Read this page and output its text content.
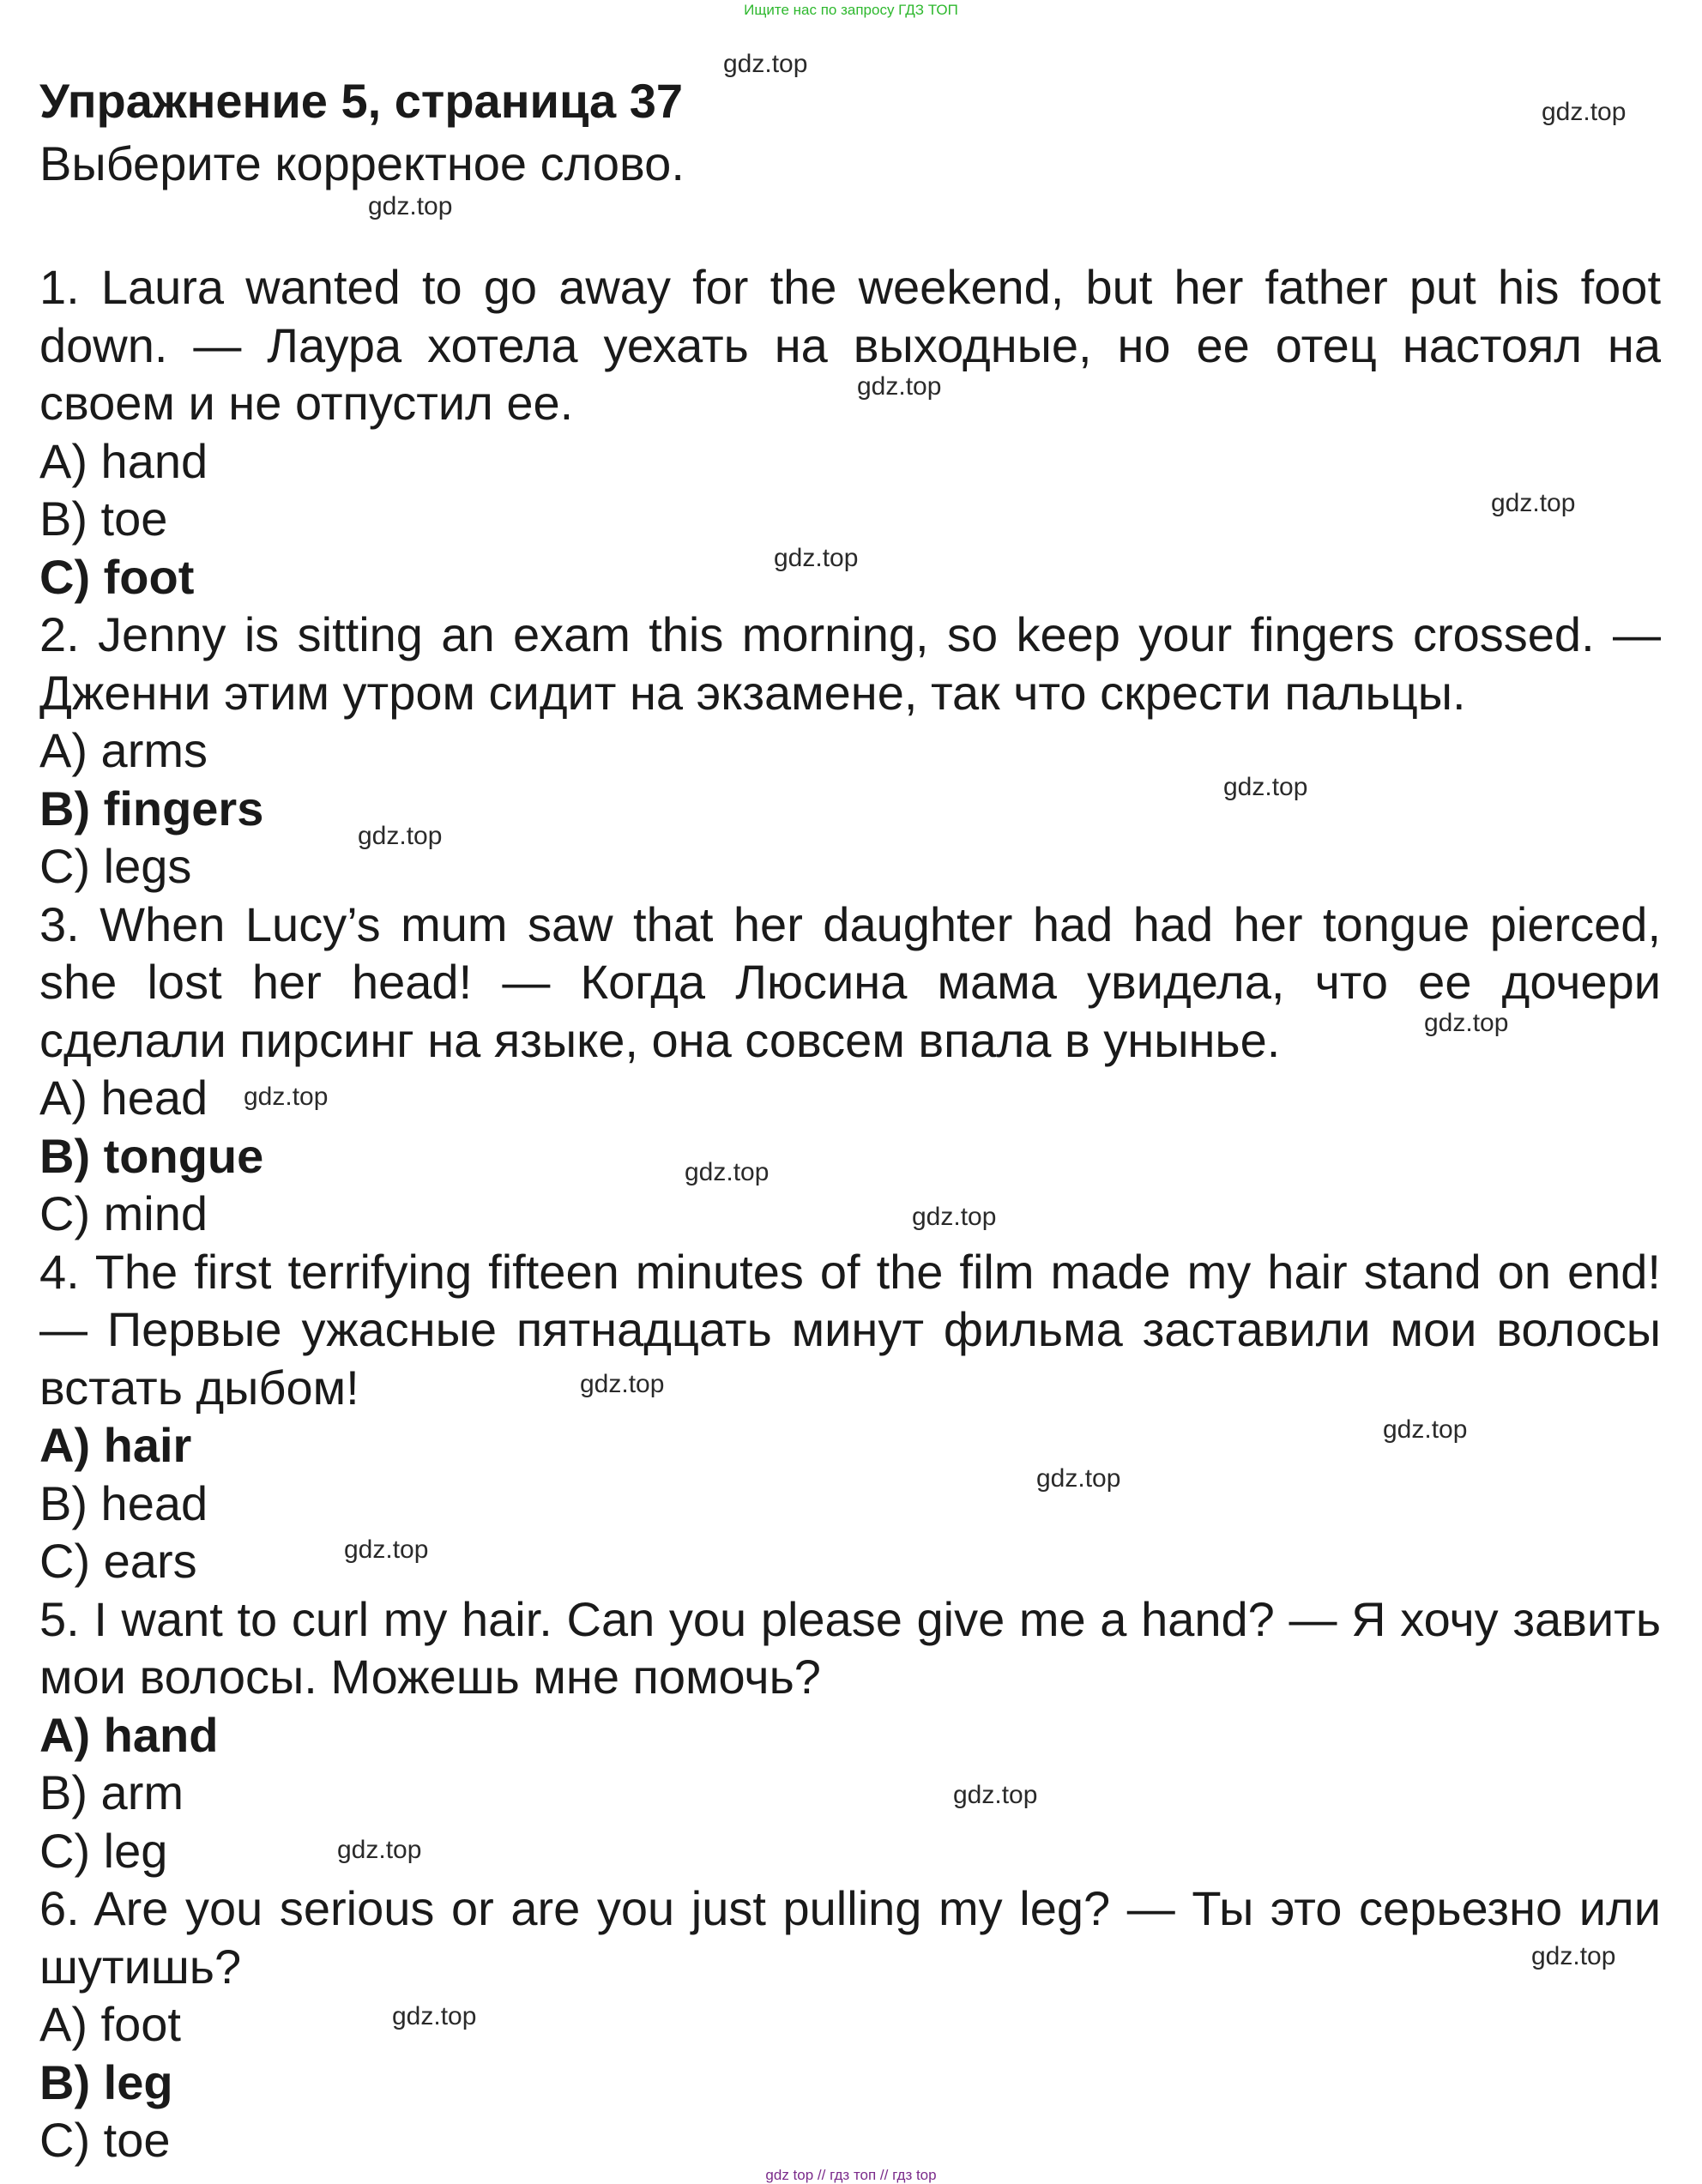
Ищите нас по запросу ГДЗ ТОП
Упражнение 5, страница 37

Выберите корректное слово.

1. Laura wanted to go away for the weekend, but her father put his foot down. — Лаура хотела уехать на выходные, но ее отец настоял на своем и не отпустил ее.

A) hand
B) toe
C) foot

2. Jenny is sitting an exam this morning, so keep your fingers crossed. — Дженни этим утром сидит на экзамене, так что скрести пальцы.

A) arms
B) fingers
C) legs

3. When Lucy’s mum saw that her daughter had had her tongue pierced, she lost her head! — Когда Люсина мама увидела, что ее дочери сделали пирсинг на языке, она совсем впала в уныньe.

A) head
B) tongue
C) mind

4. The first terrifying fifteen minutes of the film made my hair stand on end! — Первые ужасные пятнадцать минут фильма заставили мои волосы встать дыбом!

A) hair
B) head
C) ears

5. I want to curl my hair. Can you please give me a hand? — Я хочу завить мои волосы. Можешь мне помочь?

A) hand
B) arm
C) leg

6. Are you serious or are you just pulling my leg? — Ты это серьезно или шутишь?

A) foot
B) leg
C) toe
gdz.top
gdz.top
gdz.top
gdz.top
gdz.top
gdz.top
gdz.top
gdz.top
gdz.top
gdz.top
gdz.top
gdz.top
gdz.top
gdz.top
gdz.top
gdz.top
gdz.top
gdz.top
gdz.top
gdz.top
gdz top // гдз топ // гдз top
